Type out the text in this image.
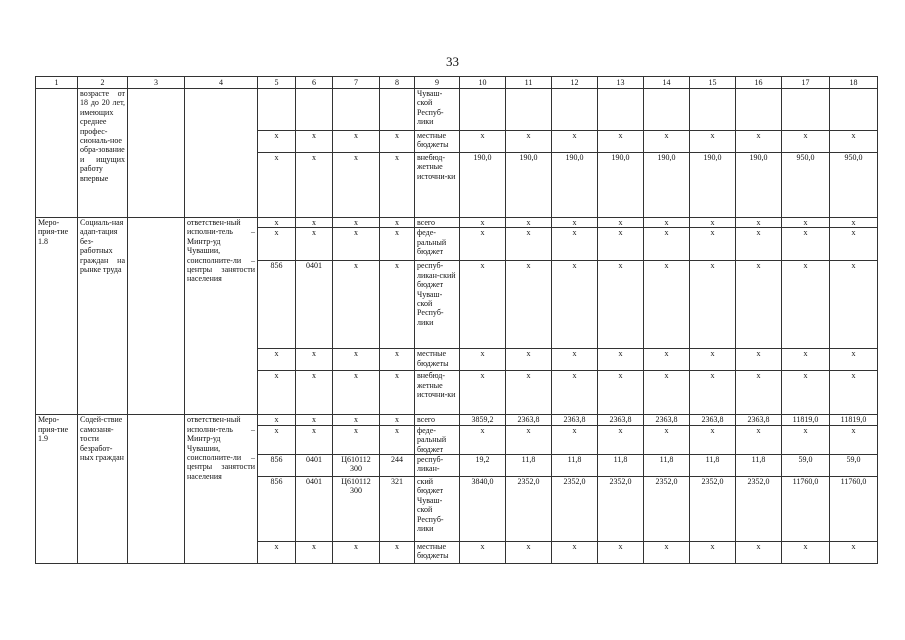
33
1	2	3	4	5	6	7	8	9	10	11	12	13	14	15	16	17	18
	возрасте от 18 до 20 лет, имеющих среднее профес-сиональ-ное обра-зование и ищущих работу впервые							Чуваш-ской Респуб-лики									
				x	x	x	x	местные бюджеты	x	x	x	x	x	x	x	x	x
				x	x	x	x	внебюд-жетные источни-ки	190,0	190,0	190,0	190,0	190,0	190,0	190,0	950,0	950,0
Меро-прия-тие 1.8	Социаль-ная адап-тация без-работных граждан на рынке труда		ответствен-ный исполни-тель – Минтр-уд Чувашии, соисполните-ли – центры занятости населения	x	x	x	x	всего	x	x	x	x	x	x	x	x	x
				x	x	x	x	феде-ральный бюджет	x	x	x	x	x	x	x	x	x
				856	0401	x	x	респуб-ликан-ский бюджет Чуваш-ской Респуб-лики	x	x	x	x	x	x	x	x	x
				x	x	x	x	местные бюджеты	x	x	x	x	x	x	x	x	x
				x	x	x	x	внебюд-жетные источни-ки	x	x	x	x	x	x	x	x	x
Меро-прия-тие 1.9	Содей-ствие самозаня-тости безработ-ных граждан		ответствен-ный исполни-тель – Минтр-уд Чувашии, соисполните-ли – центры занятости населения	x	x	x	x	всего	3859,2	2363,8	2363,8	2363,8	2363,8	2363,8	2363,8	11819,0	11819,0
				x	x	x	x	феде-ральный бюджет	x	x	x	x	x	x	x	x	x
				856	0401	Ц610112 300	244	респуб-ликан-	19,2	11,8	11,8	11,8	11,8	11,8	11,8	59,0	59,0
				856	0401	Ц610112 300	321	ский бюджет Чуваш-ской Респуб-лики	3840,0	2352,0	2352,0	2352,0	2352,0	2352,0	2352,0	11760,0	11760,0
				x	x	x	x	местные бюджеты	x	x	x	x	x	x	x	x	x
